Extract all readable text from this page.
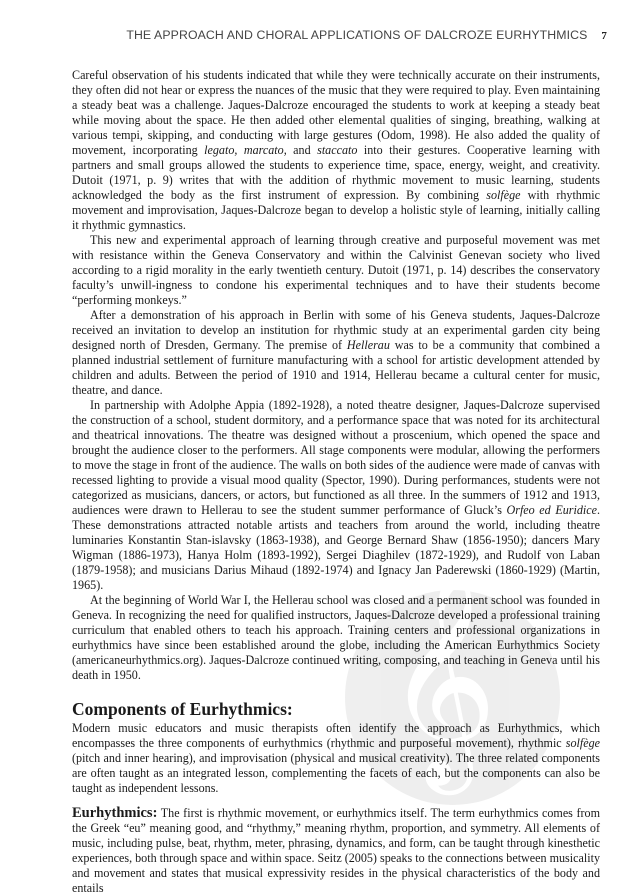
THE APPROACH AND CHORAL APPLICATIONS OF DALCROZE EURHYTHMICS 7
𝄞

Careful observation of his students indicated that while they were technically accurate on their instruments, they often did not hear or express the nuances of the music that they were required to play. Even maintaining a steady beat was a challenge. Jaques-Dalcroze encouraged the students to work at keeping a steady beat while moving about the space. He then added other elemental qualities of singing, breathing, walking at various tempi, skipping, and conducting with large gestures (Odom, 1998). He also added the quality of movement, incorporating legato, marcato, and staccato into their gestures. Cooperative learning with partners and small groups allowed the students to experience time, space, energy, weight, and creativity. Dutoit (1971, p. 9) writes that with the addition of rhythmic movement to music learning, students acknowledged the body as the first instrument of expression. By combining solfège with rhythmic movement and improvisation, Jaques-Dalcroze began to develop a holistic style of learning, initially calling it rhythmic gymnastics.

This new and experimental approach of learning through creative and purposeful movement was met with resistance within the Geneva Conservatory and within the Calvinist Genevan society who lived according to a rigid morality in the early twentieth century. Dutoit (1971, p. 14) describes the conservatory faculty’s unwill-ingness to condone his experimental techniques and to have their students become “performing monkeys.”

After a demonstration of his approach in Berlin with some of his Geneva students, Jaques-Dalcroze received an invitation to develop an institution for rhythmic study at an experimental garden city being designed north of Dresden, Germany. The premise of Hellerau was to be a community that combined a planned industrial settlement of furniture manufacturing with a school for artistic development attended by children and adults. Between the period of 1910 and 1914, Hellerau became a cultural center for music, theatre, and dance.

In partnership with Adolphe Appia (1892-1928), a noted theatre designer, Jaques-Dalcroze supervised the construction of a school, student dormitory, and a performance space that was noted for its architectural and theatrical innovations. The theatre was designed without a proscenium, which opened the space and brought the audience closer to the performers. All stage components were modular, allowing the performers to move the stage in front of the audience. The walls on both sides of the audience were made of canvas with recessed lighting to provide a visual mood quality (Spector, 1990). During performances, students were not categorized as musicians, dancers, or actors, but functioned as all three. In the summers of 1912 and 1913, audiences were drawn to Hellerau to see the student summer performance of Gluck’s Orfeo ed Euridice. These demonstrations attracted notable artists and teachers from around the world, including theatre luminaries Konstantin Stan-islavsky (1863-1938), and George Bernard Shaw (1856-1950); dancers Mary Wigman (1886-1973), Hanya Holm (1893-1992), Sergei Diaghilev (1872-1929), and Rudolf von Laban (1879-1958); and musicians Darius Mihaud (1892-1974) and Ignacy Jan Paderewski (1860-1929) (Martin, 1965).

At the beginning of World War I, the Hellerau school was closed and a permanent school was founded in Geneva. In recognizing the need for qualified instructors, Jaques-Dalcroze developed a professional training curriculum that enabled others to teach his approach. Training centers and professional organizations in eurhythmics have since been established around the globe, including the American Eurhythmics Society (americaneurhythmics.org). Jaques-Dalcroze continued writing, composing, and teaching in Geneva until his death in 1950.

Components of Eurhythmics:

Modern music educators and music therapists often identify the approach as Eurhythmics, which encompasses the three components of eurhythmics (rhythmic and purposeful movement), rhythmic solfège (pitch and inner hearing), and improvisation (physical and musical creativity). The three related components are often taught as an integrated lesson, complementing the facets of each, but the components can also be taught as independent lessons.

Eurhythmics: The first is rhythmic movement, or eurhythmics itself. The term eurhythmics comes from the Greek “eu” meaning good, and “rhythmy,” meaning rhythm, proportion, and symmetry. All elements of music, including pulse, beat, rhythm, meter, phrasing, dynamics, and form, can be taught through kinesthetic experiences, both through space and within space. Seitz (2005) speaks to the connections between musicality and movement and states that musical expressivity resides in the physical characteristics of the body and entails
